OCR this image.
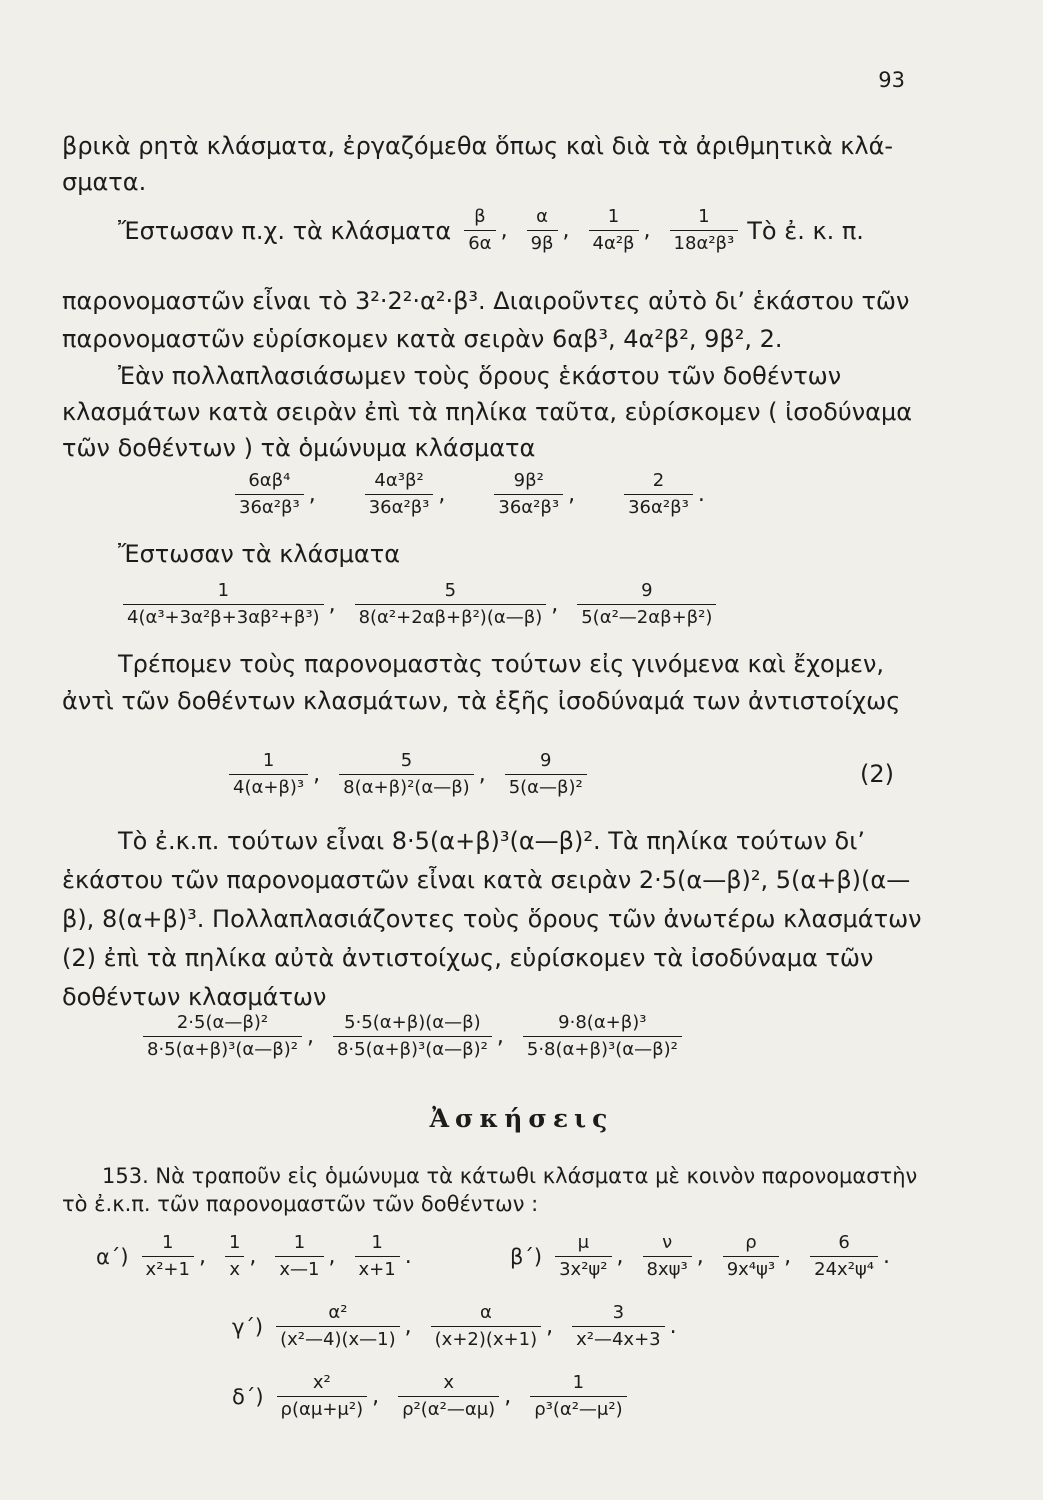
93

βρικὰ ρητὰ κλάσματα, ἐργαζόμεθα ὅπως καὶ διὰ τὰ ἀριθμητικὰ κλά-
σματα.

Ἔστωσαν π.χ. τὰ κλάσματα $\frac{\beta}{6\alpha}$ , $\frac{\alpha}{9\beta}$ , $\frac{1}{\text{4α²β}}$ , $\frac{1}{\text{18α²β³}}$ Τὸ ἐ. κ. π.

παρονομαστῶν εἶναι τὸ 3²·2²·α²·β³. Διαιροῦντες αὐτὸ δι’ ἑκάστου τῶν παρονομαστῶν εὑρίσκομεν κατὰ σειρὰν 6αβ³, 4α²β², 9β², 2.

Ἐὰν πολλαπλασιάσωμεν τοὺς ὅρους ἑκάστου τῶν δοθέντων κλασμάτων κατὰ σειρὰν ἐπὶ τὰ πηλίκα ταῦτα, εὑρίσκομεν ( ἰσοδύναμα τῶν δοθέντων ) τὰ ὁμώνυμα κλάσματα

$\frac{\text{6αβ⁴}}{\text{36α²β³}}$ ,	$\frac{\text{4α³β²}}{\text{36α²β³}}$ ,	$\frac{\text{9β²}}{\text{36α²β³}}$ ,	$\frac{2}{\text{36α²β³}}$ .
Ἔστωσαν τὰ κλάσματα
$\frac{1}{\text{4(α³+3α²β+3αβ²+β³)}}$ , $\frac{5}{\text{8(α²+2αβ+β²)(α—β)}}$ , $\frac{9}{\text{5(α²—2αβ+β²)}}$

Τρέπομεν τοὺς παρονομαστὰς τούτων εἰς γινόμενα καὶ ἔχομεν, ἀντὶ τῶν δοθέντων κλασμάτων, τὰ ἑξῆς ἰσοδύναμά των ἀντιστοίχως

$\frac{1}{\text{4(α+β)³}}$ , $\frac{5}{\text{8(α+β)²(α—β)}}$ , $\frac{9}{\text{5(α—β)²}}$	(2)

Τὸ ἐ.κ.π. τούτων εἶναι 8·5(α+β)³(α—β)². Τὰ πηλίκα τούτων δι’ ἑκάστου τῶν παρονομαστῶν εἶναι κατὰ σειρὰν 2·5(α—β)², 5(α+β)(α—β), 8(α+β)³. Πολλαπλασιάζοντες τοὺς ὅρους τῶν ἀνωτέρω κλασμάτων (2) ἐπὶ τὰ πηλίκα αὐτὰ ἀντιστοίχως, εὑρίσκομεν τὰ ἰσοδύναμα τῶν δοθέντων κλασμάτων

$\frac{\text{2·5(α—β)²}}{\text{8·5(α+β)³(α—β)²}}$ , $\frac{5\cdot 5(\alpha+\beta)(\alpha—\beta)}{\text{8·5(α+β)³(α—β)²}}$ , $\frac{\text{9·8(α+β)³}}{\text{5·8(α+β)³(α—β)²}}$
Ἀσκήσεις

153. Νὰ τραποῦν εἰς ὁμώνυμα τὰ κάτωθι κλάσματα μὲ κοινὸν παρονομαστὴν τὸ ἐ.κ.π. τῶν παρονομαστῶν τῶν δοθέντων :

$\alpha΄) \frac{1}{\text{x²+1}}$ , $\frac{1}{x}$ , $\frac{1}{x—1}$ , $\frac{1}{x+1}$ .	$\beta΄) \frac{\mu}{\text{3x²ψ²}}$ , $\frac{\nu}{\text{8xψ³}}$ , $\frac{\rho}{\text{9x⁴ψ³}}$ , $\frac{6}{\text{24x²ψ⁴}}$ .
$\gamma΄) \frac{\text{α²}}{\text{(x²—4)(x—1)}}$ , $\frac{\alpha}{(x+2)(x+1)}$ , $\frac{3}{\text{x²—4x+3}}$ .
$\delta΄) \frac{\text{x²}}{\text{ρ(αμ+μ²)}}$ , $\frac{x}{\text{ρ²(α²—αμ)}}$ , $\frac{1}{\text{ρ³(α²—μ²)}}$
